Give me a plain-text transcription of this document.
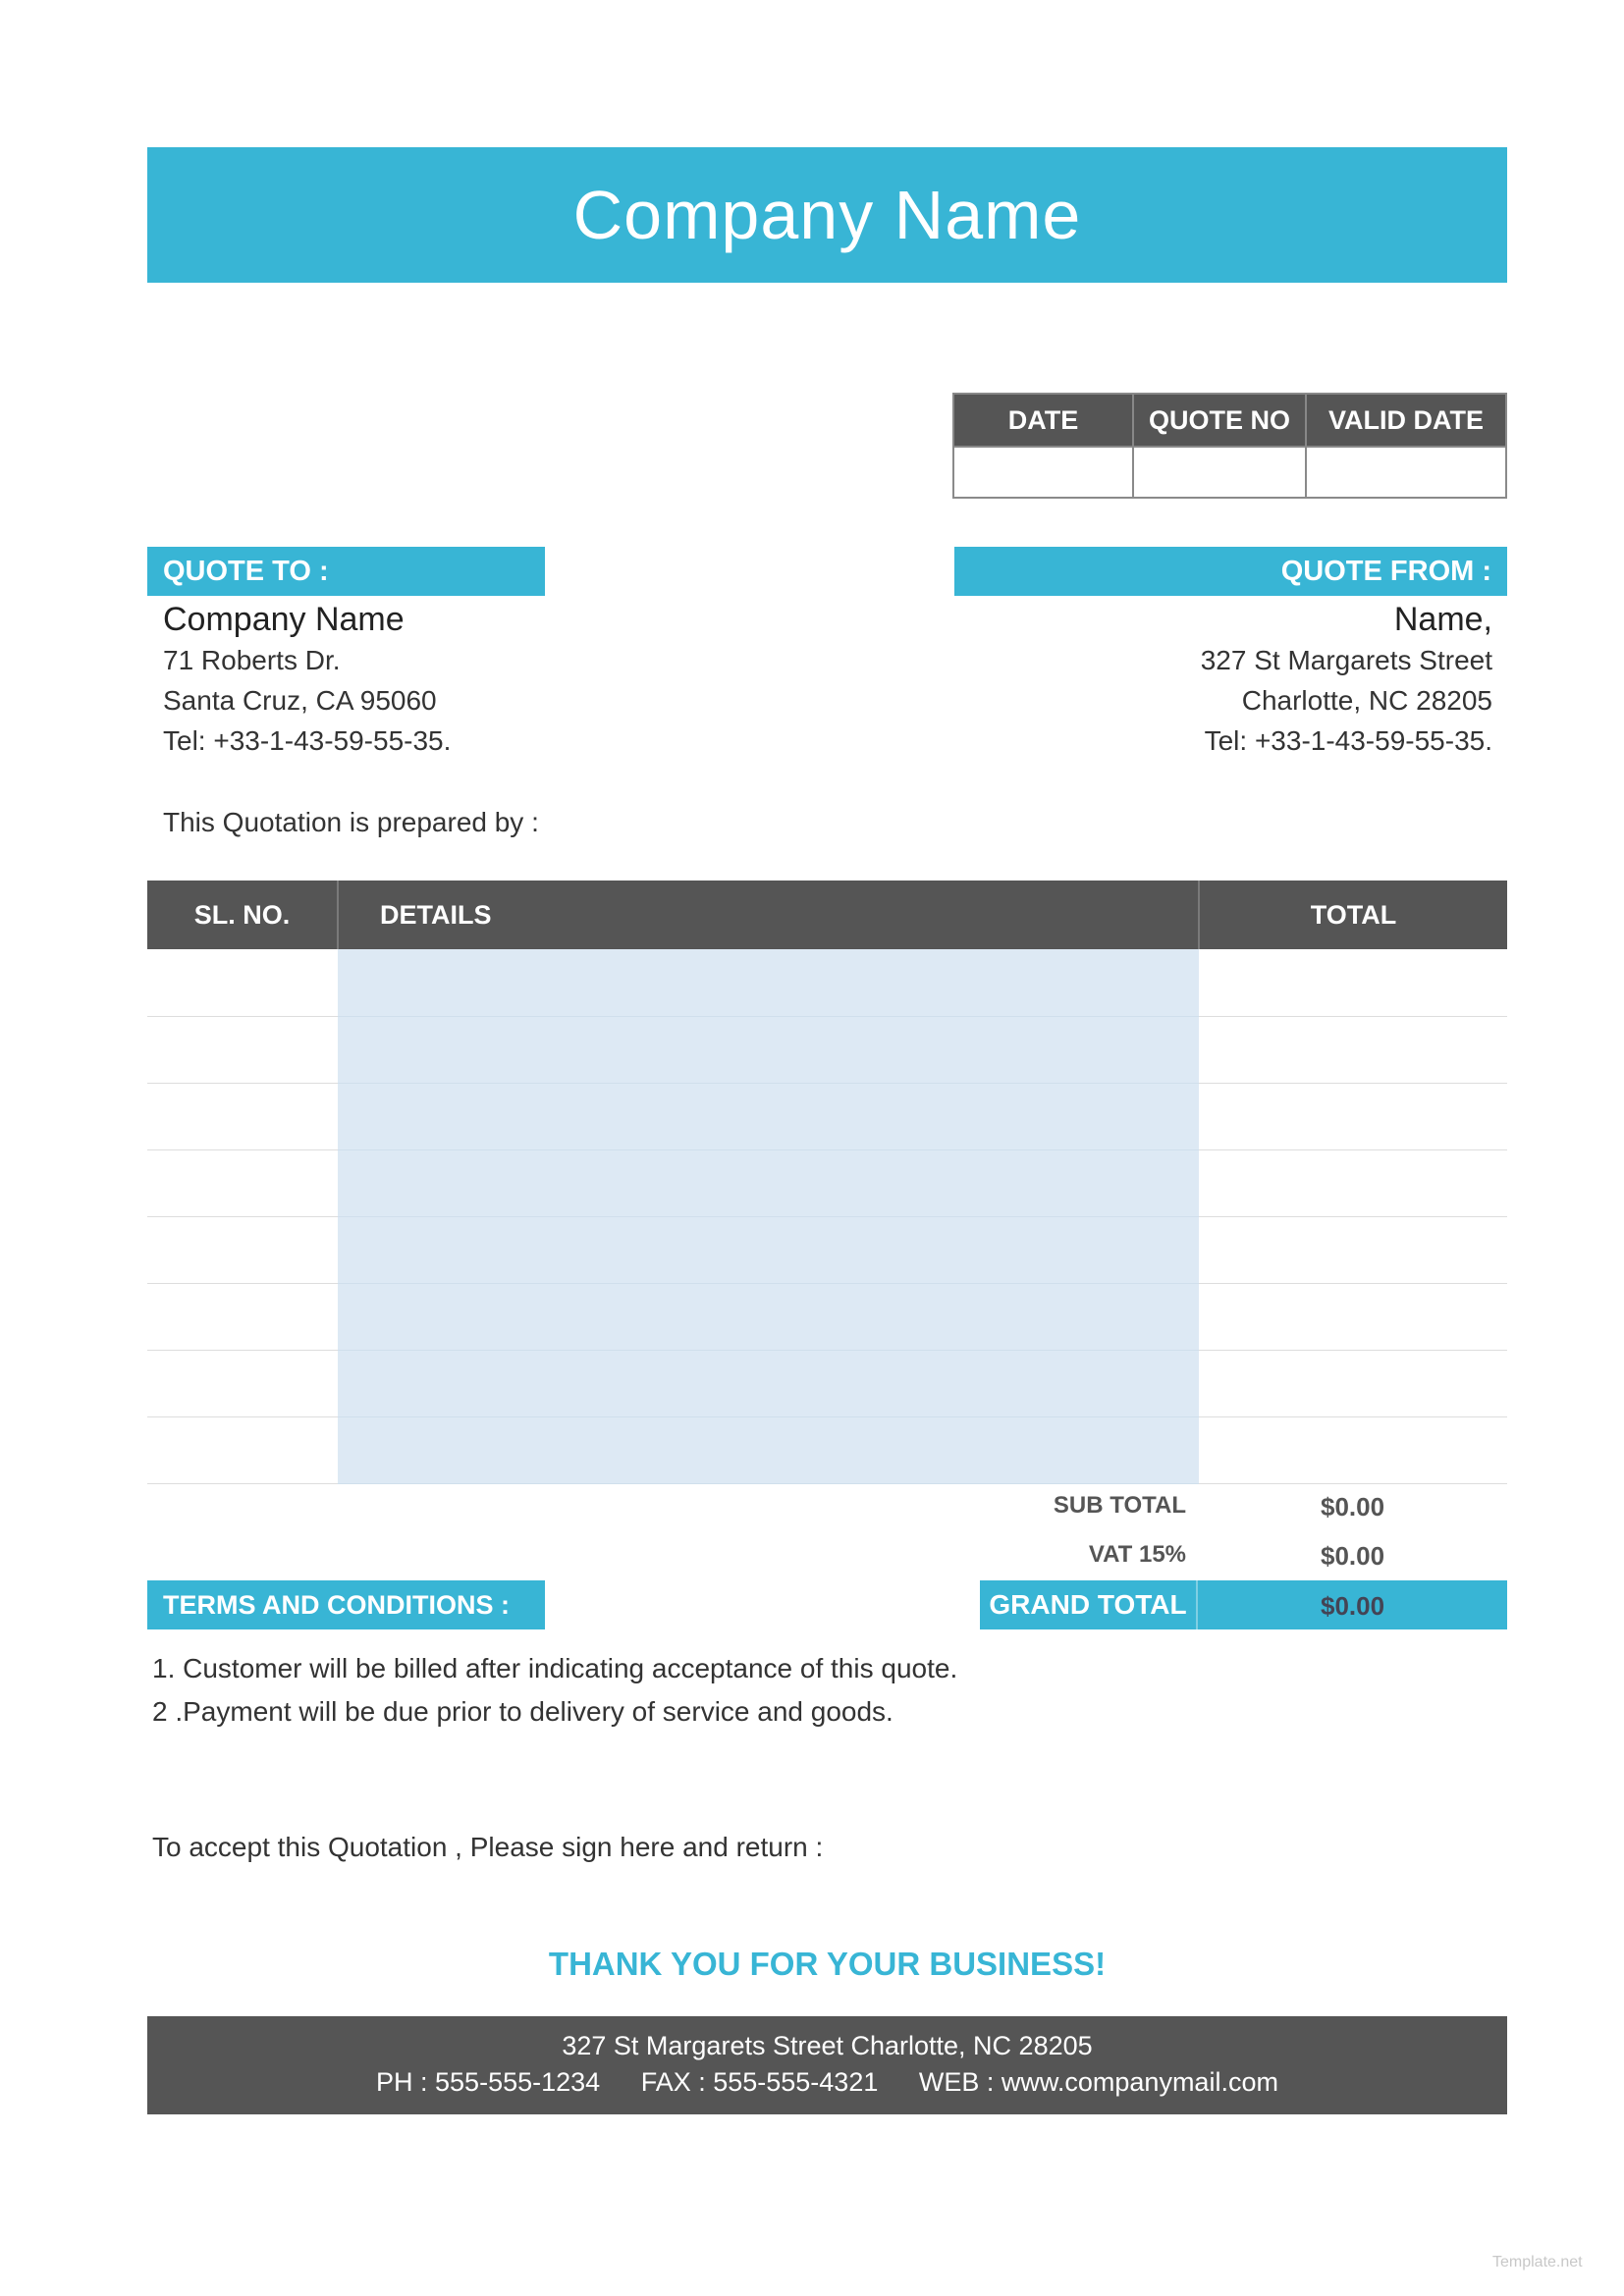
Company Name
DATE	QUOTE NO	VALID DATE

QUOTE TO :	QUOTE FROM :
Company Name
71 Roberts Dr.
Santa Cruz, CA 95060
Tel: +33-1-43-59-55-35.
Name,
327 St Margarets Street
Charlotte, NC 28205
Tel: +33-1-43-59-55-35.
This Quotation is prepared by :
SL. NO.	DETAILS	TOTAL

SUB TOTAL	$0.00
VAT 15%	$0.00
TERMS AND CONDITIONS :	GRAND TOTAL	$0.00
1. Customer will be billed after indicating acceptance of this quote.
2 .Payment will be due prior to delivery of service and goods.
To accept this Quotation , Please sign here and return :
THANK YOU FOR YOUR BUSINESS!
327 St Margarets Street Charlotte, NC 28205
PH : 555-555-1234 FAX : 555-555-4321 WEB : www.companymail.com
Template.net
